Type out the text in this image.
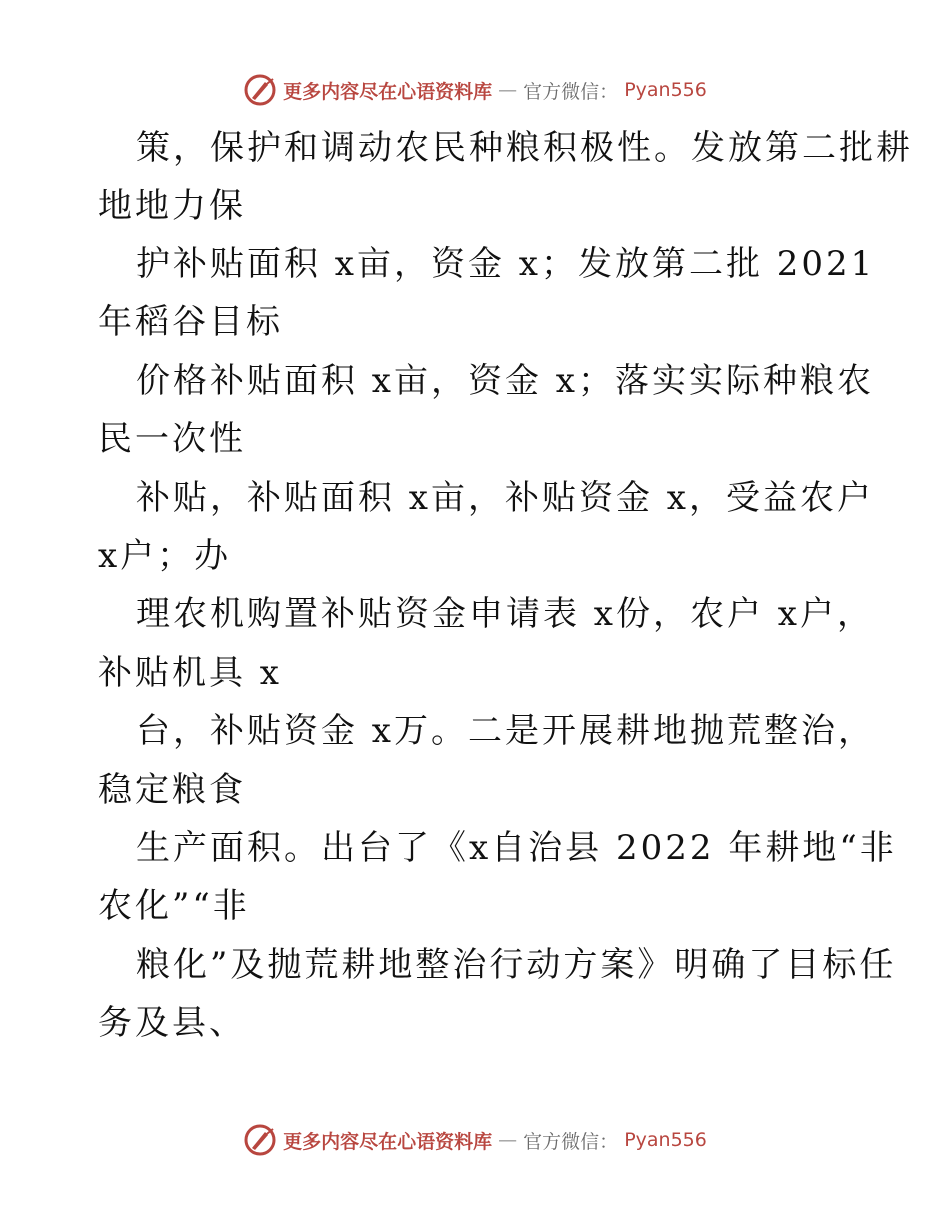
更多内容尽在心语资料库 — 官方微信： Pyan556
策，保护和调动农民种粮积极性。发放第二批耕
地地力保
护补贴面积 x亩，资金 x；发放第二批 2021
年稻谷目标
价格补贴面积 x亩，资金 x；落实实际种粮农
民一次性
补贴，补贴面积 x亩，补贴资金 x，受益农户
x户；办
理农机购置补贴资金申请表 x份，农户 x户，
补贴机具 x
台，补贴资金 x万。二是开展耕地抛荒整治，
稳定粮食
生产面积。出台了《x自治县 2022 年耕地“非
农化”“非
粮化”及抛荒耕地整治行动方案》明确了目标任
务及县、
更多内容尽在心语资料库 — 官方微信： Pyan556
